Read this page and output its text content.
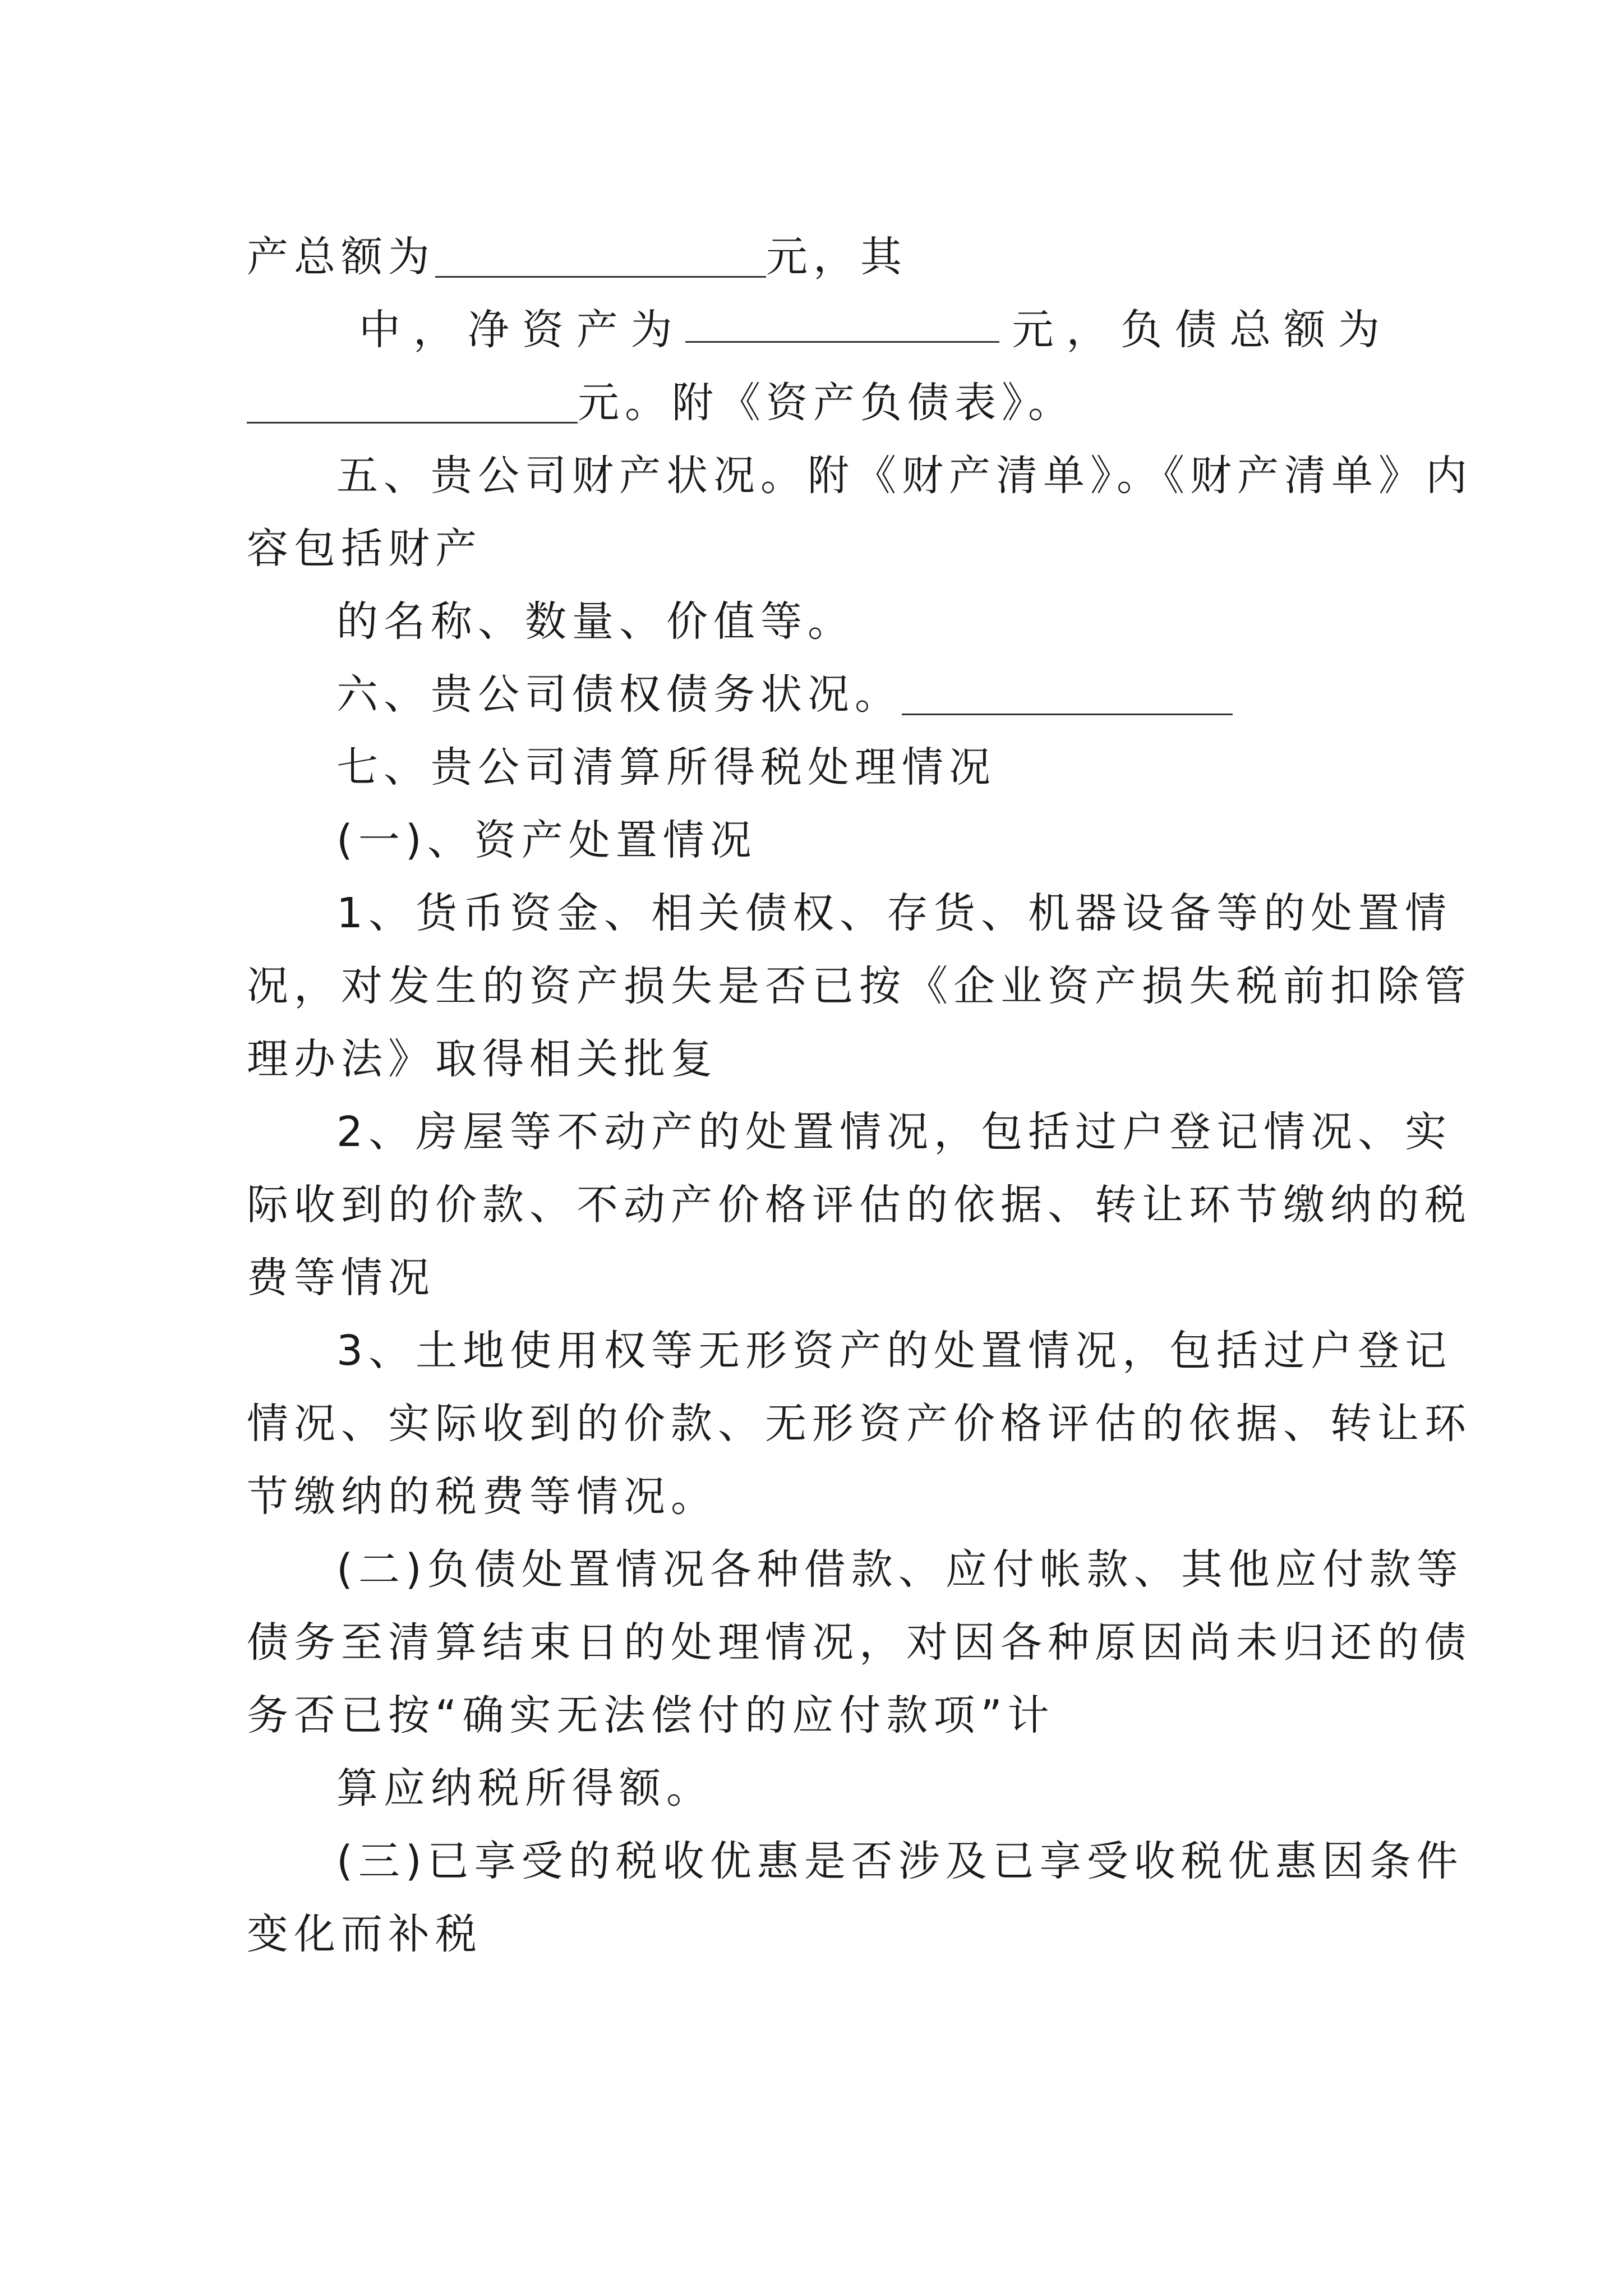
产总额为	元，其
中 ， 净 资 产 为	元 ， 负 债 总 额 为
元。附《资产负债表》。
五、贵公司财产状况。附《财产清单》。《财产清单》内
容包括财产
的名称、数量、价值等。
六、贵公司债权债务状况。
七、贵公司清算所得税处理情况
(一)、资产处置情况
1、货币资金、相关债权、存货、机器设备等的处置情
况，对发生的资产损失是否已按《企业资产损失税前扣除管
理办法》取得相关批复
2、房屋等不动产的处置情况，包括过户登记情况、实
际收到的价款、不动产价格评估的依据、转让环节缴纳的税
费等情况
3、土地使用权等无形资产的处置情况，包括过户登记
情况、实际收到的价款、无形资产价格评估的依据、转让环
节缴纳的税费等情况。
(二)负债处置情况各种借款、应付帐款、其他应付款等
债务至清算结束日的处理情况，对因各种原因尚未归还的债
务否已按“确实无法偿付的应付款项”计
算应纳税所得额。
(三)已享受的税收优惠是否涉及已享受收税优惠因条件
变化而补税
